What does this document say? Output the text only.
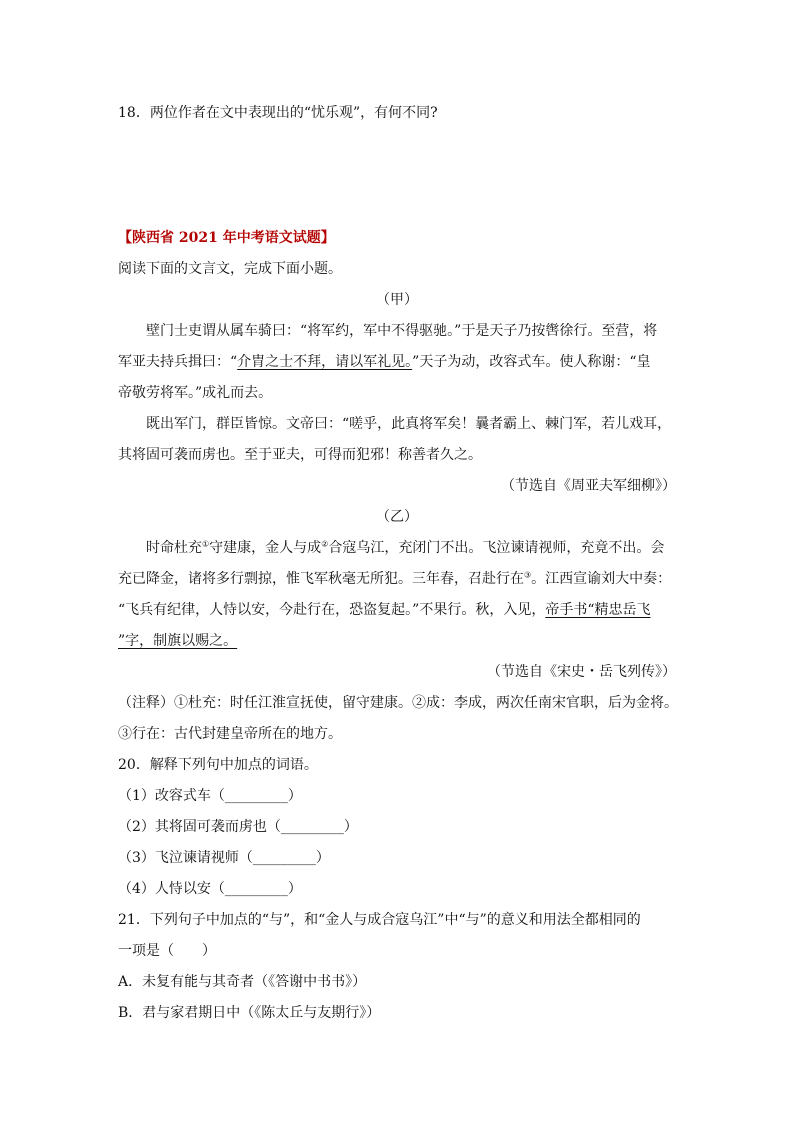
18．两位作者在文中表现出的“忧乐观”，有何不同?
【陕西省 2021 年中考语文试题】
阅读下面的文言文，完成下面小题。
（甲）
壁门士吏谓从属车骑曰：“将军约，军中不得驱驰。”于是天子乃按辔徐行。至营，将
军亚夫持兵揖曰：“介胄之士不拜，请以军礼见。”天子为动，改容式车。使人称谢：“皇
帝敬劳将军。”成礼而去。
既出军门，群臣皆惊。文帝曰：“嗟乎，此真将军矣！曩者霸上、棘门军，若儿戏耳，
其将固可袭而虏也。至于亚夫，可得而犯邪！称善者久之。
（节选自《周亚夫军细柳》）
（乙）
时命杜充①守建康，金人与成②合寇乌江，充闭门不出。飞泣谏请视师，充竟不出。会
充已降金，诸将多行剽掠，惟飞军秋毫无所犯。三年春，召赴行在③。江西宣谕刘大中奏：
“飞兵有纪律，人恃以安，今赴行在，恐盗复起。”不果行。秋，入见，帝手书“精忠岳飞
”字，制旗以赐之。
（节选自《宋史・岳飞列传》）
（注释）①杜充：时任江淮宣抚使，留守建康。②成：李成，两次任南宋官职，后为金将。
③行在：古代封建皇帝所在的地方。
20．解释下列句中加点的词语。
（1）改容式车（_________）
（2）其将固可袭而虏也（_________）
（3）飞泣谏请视师（_________）
（4）人恃以安（_________）
21．下列句子中加点的“与”，和“金人与成合寇乌江”中“与”的意义和用法全都相同的
一项是（　　）
A．未复有能与其奇者（《答谢中书书》）
B．君与家君期日中（《陈太丘与友期行》）
